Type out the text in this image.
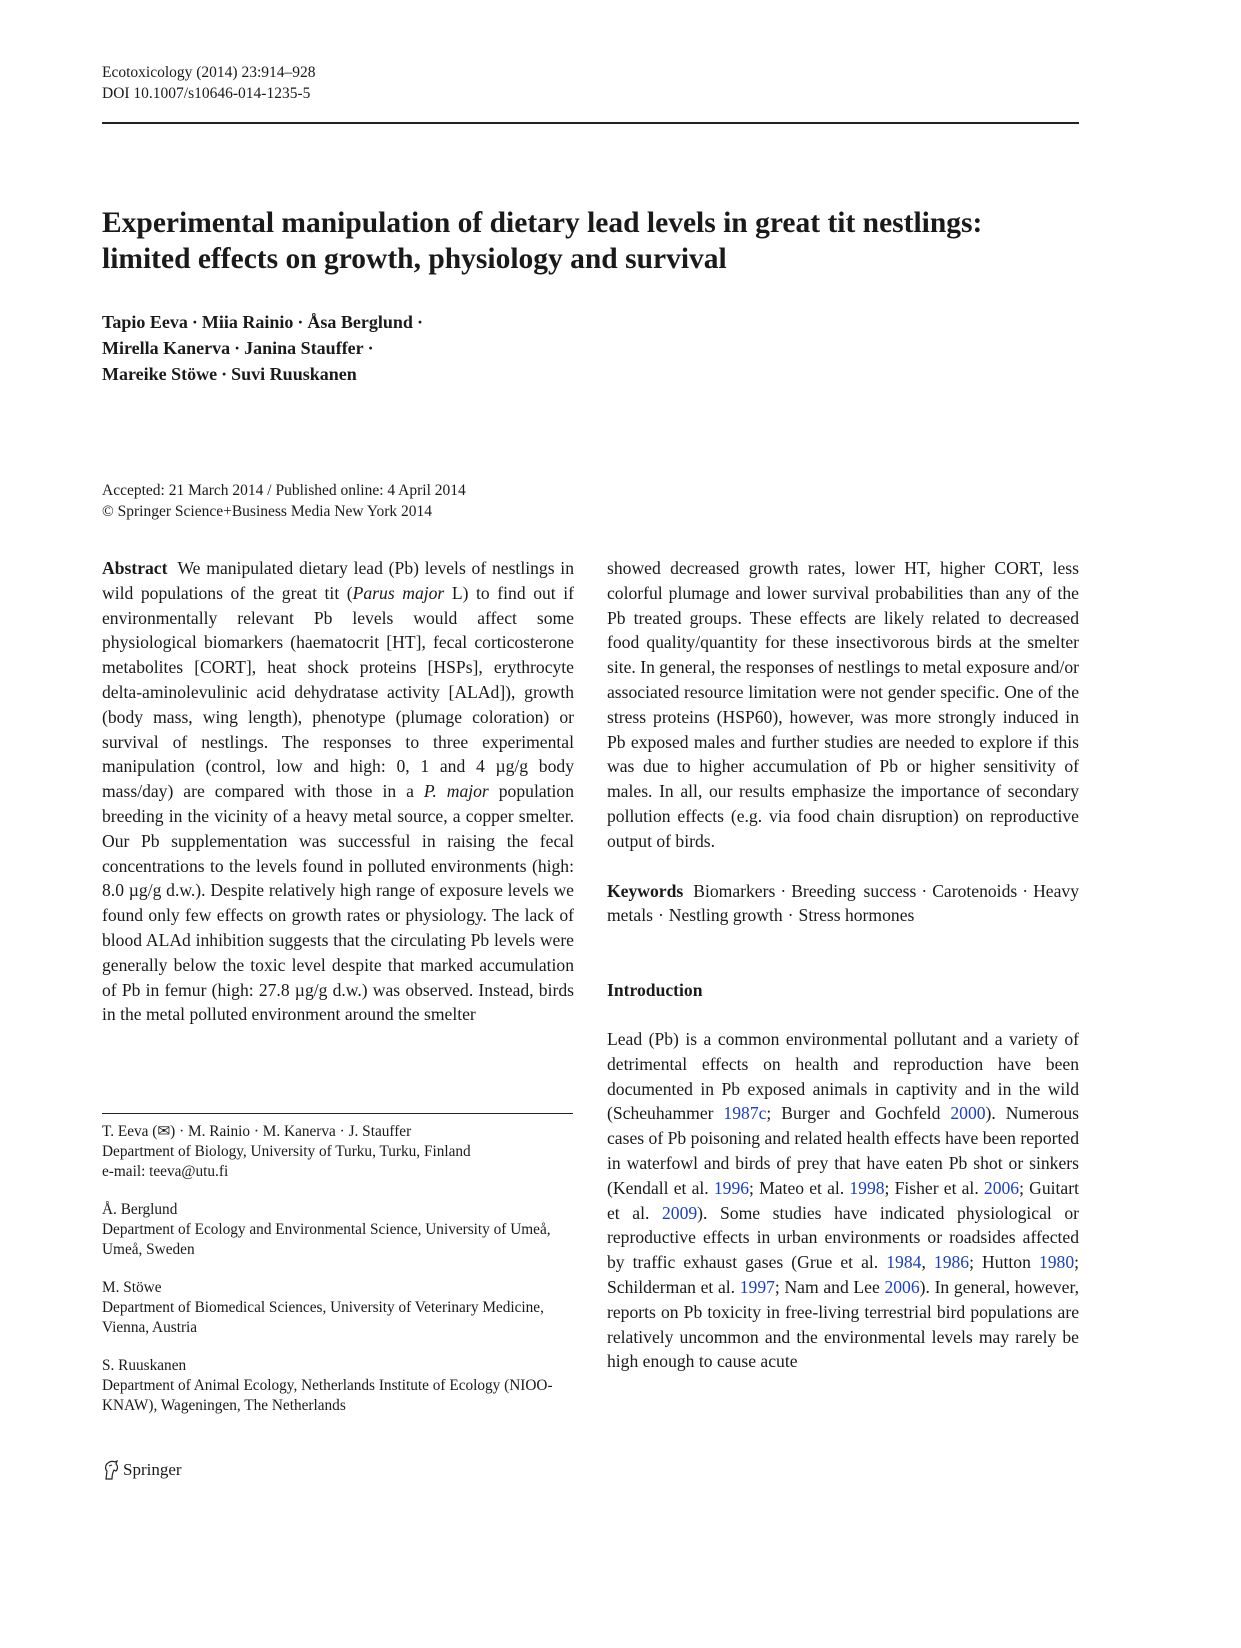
Ecotoxicology (2014) 23:914–928
DOI 10.1007/s10646-014-1235-5
Experimental manipulation of dietary lead levels in great tit nestlings: limited effects on growth, physiology and survival
Tapio Eeva · Miia Rainio · Åsa Berglund ·
Mirella Kanerva · Janina Stauffer ·
Mareike Stöwe · Suvi Ruuskanen
Accepted: 21 March 2014 / Published online: 4 April 2014
© Springer Science+Business Media New York 2014

Abstract We manipulated dietary lead (Pb) levels of nestlings in wild populations of the great tit (Parus major L) to find out if environmentally relevant Pb levels would affect some physiological biomarkers (haematocrit [HT], fecal corticosterone metabolites [CORT], heat shock proteins [HSPs], erythrocyte delta-aminolevulinic acid dehydratase activity [ALAd]), growth (body mass, wing length), phenotype (plumage coloration) or survival of nestlings. The responses to three experimental manipulation (control, low and high: 0, 1 and 4 µg/g body mass/day) are compared with those in a P. major population breeding in the vicinity of a heavy metal source, a copper smelter. Our Pb supplementation was successful in raising the fecal concentrations to the levels found in polluted environments (high: 8.0 µg/g d.w.). Despite relatively high range of exposure levels we found only few effects on growth rates or physiology. The lack of blood ALAd inhibition suggests that the circulating Pb levels were generally below the toxic level despite that marked accumulation of Pb in femur (high: 27.8 µg/g d.w.) was observed. Instead, birds in the metal polluted environment around the smelter

showed decreased growth rates, lower HT, higher CORT, less colorful plumage and lower survival probabilities than any of the Pb treated groups. These effects are likely related to decreased food quality/quantity for these insectivorous birds at the smelter site. In general, the responses of nestlings to metal exposure and/or associated resource limitation were not gender specific. One of the stress proteins (HSP60), however, was more strongly induced in Pb exposed males and further studies are needed to explore if this was due to higher accumulation of Pb or higher sensitivity of males. In all, our results emphasize the importance of secondary pollution effects (e.g. via food chain disruption) on reproductive output of birds.

Keywords Biomarkers · Breeding success · Carotenoids · Heavy metals · Nestling growth · Stress hormones

Introduction

Lead (Pb) is a common environmental pollutant and a variety of detrimental effects on health and reproduction have been documented in Pb exposed animals in captivity and in the wild (Scheuhammer 1987c; Burger and Gochfeld 2000). Numerous cases of Pb poisoning and related health effects have been reported in waterfowl and birds of prey that have eaten Pb shot or sinkers (Kendall et al. 1996; Mateo et al. 1998; Fisher et al. 2006; Guitart et al. 2009). Some studies have indicated physiological or reproductive effects in urban environments or roadsides affected by traffic exhaust gases (Grue et al. 1984, 1986; Hutton 1980; Schilderman et al. 1997; Nam and Lee 2006). In general, however, reports on Pb toxicity in free-living terrestrial bird populations are relatively uncommon and the environmental levels may rarely be high enough to cause acute

T. Eeva (✉) · M. Rainio · M. Kanerva · J. Stauffer
Department of Biology, University of Turku, Turku, Finland
e-mail: teeva@utu.fi
Å. Berglund
Department of Ecology and Environmental Science, University of Umeå, Umeå, Sweden
M. Stöwe
Department of Biomedical Sciences, University of Veterinary Medicine, Vienna, Austria
S. Ruuskanen
Department of Animal Ecology, Netherlands Institute of Ecology (NIOO-KNAW), Wageningen, The Netherlands
Springer
